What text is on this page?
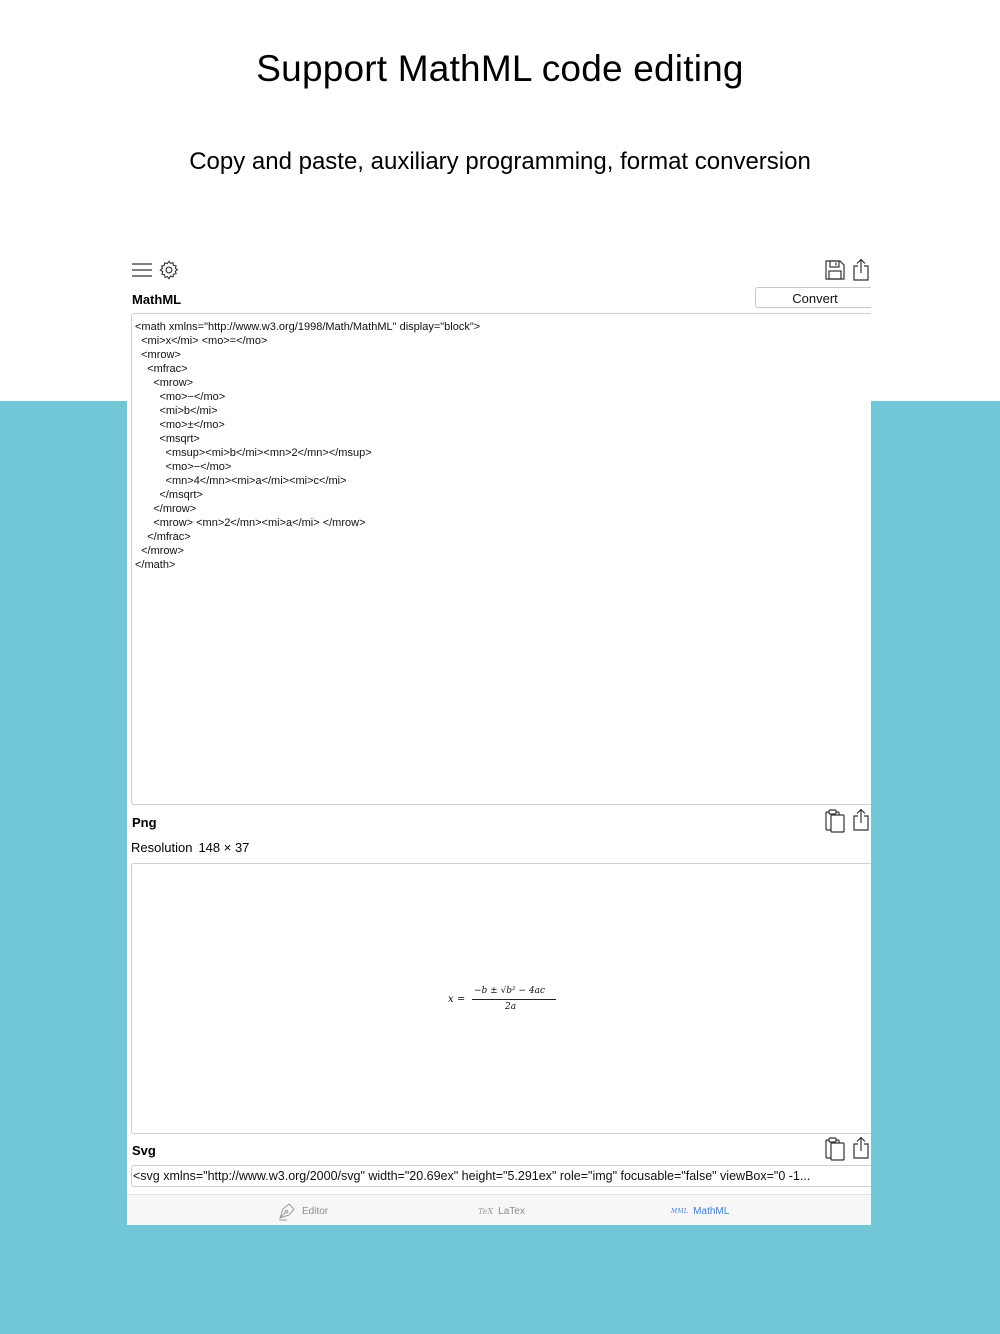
Support MathML code editing
Copy and paste, auxiliary programming, format conversion
MathML	Convert
<math xmlns="http://www.w3.org/1998/Math/MathML" display="block"> <mi>x</mi> <mo>=</mo> <mrow> <mfrac> <mrow> <mo>−</mo> <mi>b</mi> <mo>±</mo> <msqrt> <msup><mi>b</mi><mn>2</mn></msup> <mo>−</mo> <mn>4</mn><mi>a</mi><mi>c</mi> </msqrt> </mrow> <mrow> <mn>2</mn><mi>a</mi> </mrow> </mfrac> </mrow> </math>
Png
Resolution 148 × 37
x =
−b ± √b² − 4ac
2a
Svg
<svg xmlns="http://www.w3.org/2000/svg" width="20.69ex" height="5.291ex" role="img" focusable="false" viewBox="0 -1...
Editor	TeX LaTex	MML MathML
